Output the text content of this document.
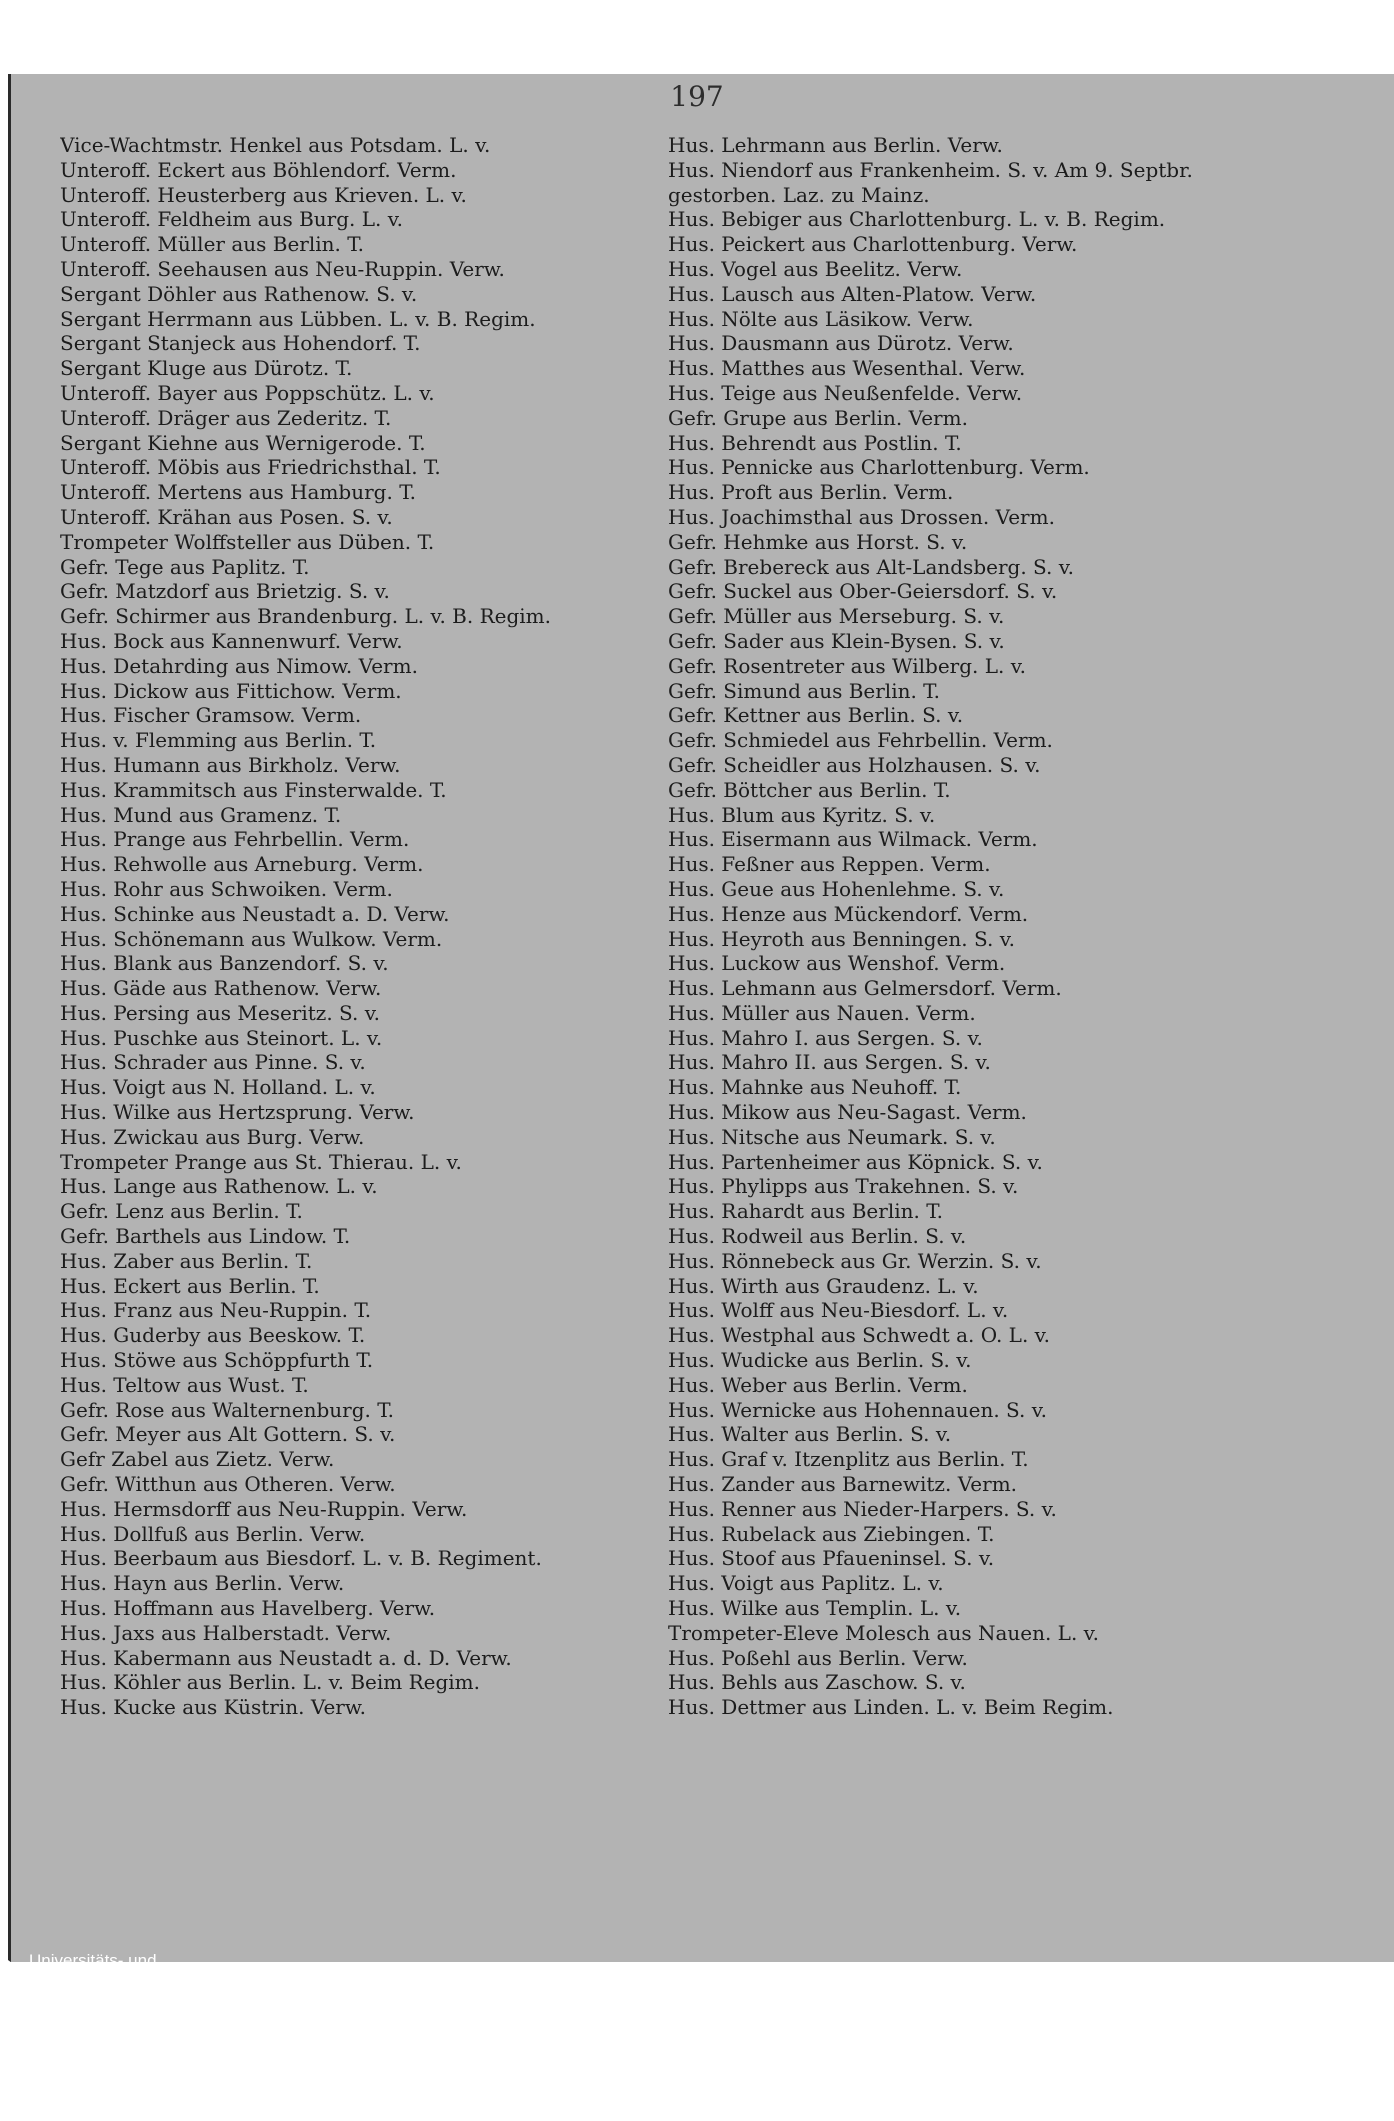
197
Vice-Wachtmstr. Henkel aus Potsdam. L. v.
Unteroff. Eckert aus Böhlendorf. Verm.
Unteroff. Heusterberg aus Krieven. L. v.
Unteroff. Feldheim aus Burg. L. v.
Unteroff. Müller aus Berlin. T.
Unteroff. Seehausen aus Neu-Ruppin. Verw.
Sergant Döhler aus Rathenow. S. v.
Sergant Herrmann aus Lübben. L. v. B. Regim.
Sergant Stanjeck aus Hohendorf. T.
Sergant Kluge aus Dürotz. T.
Unteroff. Bayer aus Poppschütz. L. v.
Unteroff. Dräger aus Zederitz. T.
Sergant Kiehne aus Wernigerode. T.
Unteroff. Möbis aus Friedrichsthal. T.
Unteroff. Mertens aus Hamburg. T.
Unteroff. Krähan aus Posen. S. v.
Trompeter Wolffsteller aus Düben. T.
Gefr. Tege aus Paplitz. T.
Gefr. Matzdorf aus Brietzig. S. v.
Gefr. Schirmer aus Brandenburg. L. v. B. Regim.
Hus. Bock aus Kannenwurf. Verw.
Hus. Detahrding aus Nimow. Verm.
Hus. Dickow aus Fittichow. Verm.
Hus. Fischer Gramsow. Verm.
Hus. v. Flemming aus Berlin. T.
Hus. Humann aus Birkholz. Verw.
Hus. Krammitsch aus Finsterwalde. T.
Hus. Mund aus Gramenz. T.
Hus. Prange aus Fehrbellin. Verm.
Hus. Rehwolle aus Arneburg. Verm.
Hus. Rohr aus Schwoiken. Verm.
Hus. Schinke aus Neustadt a. D. Verw.
Hus. Schönemann aus Wulkow. Verm.
Hus. Blank aus Banzendorf. S. v.
Hus. Gäde aus Rathenow. Verw.
Hus. Persing aus Meseritz. S. v.
Hus. Puschke aus Steinort. L. v.
Hus. Schrader aus Pinne. S. v.
Hus. Voigt aus N. Holland. L. v.
Hus. Wilke aus Hertzsprung. Verw.
Hus. Zwickau aus Burg. Verw.
Trompeter Prange aus St. Thierau. L. v.
Hus. Lange aus Rathenow. L. v.
Gefr. Lenz aus Berlin. T.
Gefr. Barthels aus Lindow. T.
Hus. Zaber aus Berlin. T.
Hus. Eckert aus Berlin. T.
Hus. Franz aus Neu-Ruppin. T.
Hus. Guderby aus Beeskow. T.
Hus. Stöwe aus Schöppfurth T.
Hus. Teltow aus Wust. T.
Gefr. Rose aus Walternenburg. T.
Gefr. Meyer aus Alt Gottern. S. v.
Gefr Zabel aus Zietz. Verw.
Gefr. Witthun aus Otheren. Verw.
Hus. Hermsdorff aus Neu-Ruppin. Verw.
Hus. Dollfuß aus Berlin. Verw.
Hus. Beerbaum aus Biesdorf. L. v. B. Regiment.
Hus. Hayn aus Berlin. Verw.
Hus. Hoffmann aus Havelberg. Verw.
Hus. Jaxs aus Halberstadt. Verw.
Hus. Kabermann aus Neustadt a. d. D. Verw.
Hus. Köhler aus Berlin. L. v. Beim Regim.
Hus. Kucke aus Küstrin. Verw.
Hus. Lehrmann aus Berlin. Verw.
Hus. Niendorf aus Frankenheim. S. v. Am 9. Septbr.
gestorben. Laz. zu Mainz.
Hus. Bebiger aus Charlottenburg. L. v. B. Regim.
Hus. Peickert aus Charlottenburg. Verw.
Hus. Vogel aus Beelitz. Verw.
Hus. Lausch aus Alten-Platow. Verw.
Hus. Nölte aus Läsikow. Verw.
Hus. Dausmann aus Dürotz. Verw.
Hus. Matthes aus Wesenthal. Verw.
Hus. Teige aus Neußenfelde. Verw.
Gefr. Grupe aus Berlin. Verm.
Hus. Behrendt aus Postlin. T.
Hus. Pennicke aus Charlottenburg. Verm.
Hus. Proft aus Berlin. Verm.
Hus. Joachimsthal aus Drossen. Verm.
Gefr. Hehmke aus Horst. S. v.
Gefr. Brebereck aus Alt-Landsberg. S. v.
Gefr. Suckel aus Ober-Geiersdorf. S. v.
Gefr. Müller aus Merseburg. S. v.
Gefr. Sader aus Klein-Bysen. S. v.
Gefr. Rosentreter aus Wilberg. L. v.
Gefr. Simund aus Berlin. T.
Gefr. Kettner aus Berlin. S. v.
Gefr. Schmiedel aus Fehrbellin. Verm.
Gefr. Scheidler aus Holzhausen. S. v.
Gefr. Böttcher aus Berlin. T.
Hus. Blum aus Kyritz. S. v.
Hus. Eisermann aus Wilmack. Verm.
Hus. Feßner aus Reppen. Verm.
Hus. Geue aus Hohenlehme. S. v.
Hus. Henze aus Mückendorf. Verm.
Hus. Heyroth aus Benningen. S. v.
Hus. Luckow aus Wenshof. Verm.
Hus. Lehmann aus Gelmersdorf. Verm.
Hus. Müller aus Nauen. Verm.
Hus. Mahro I. aus Sergen. S. v.
Hus. Mahro II. aus Sergen. S. v.
Hus. Mahnke aus Neuhoff. T.
Hus. Mikow aus Neu-Sagast. Verm.
Hus. Nitsche aus Neumark. S. v.
Hus. Partenheimer aus Köpnick. S. v.
Hus. Phylipps aus Trakehnen. S. v.
Hus. Rahardt aus Berlin. T.
Hus. Rodweil aus Berlin. S. v.
Hus. Rönnebeck aus Gr. Werzin. S. v.
Hus. Wirth aus Graudenz. L. v.
Hus. Wolff aus Neu-Biesdorf. L. v.
Hus. Westphal aus Schwedt a. O. L. v.
Hus. Wudicke aus Berlin. S. v.
Hus. Weber aus Berlin. Verm.
Hus. Wernicke aus Hohennauen. S. v.
Hus. Walter aus Berlin. S. v.
Hus. Graf v. Itzenplitz aus Berlin. T.
Hus. Zander aus Barnewitz. Verm.
Hus. Renner aus Nieder-Harpers. S. v.
Hus. Rubelack aus Ziebingen. T.
Hus. Stoof aus Pfaueninsel. S. v.
Hus. Voigt aus Paplitz. L. v.
Hus. Wilke aus Templin. L. v.
Trompeter-Eleve Molesch aus Nauen. L. v.
Hus. Poßehl aus Berlin. Verw.
Hus. Behls aus Zaschow. S. v.
Hus. Dettmer aus Linden. L. v. Beim Regim.
Universitäts- und
Landesbibliothek Düsseldorf
